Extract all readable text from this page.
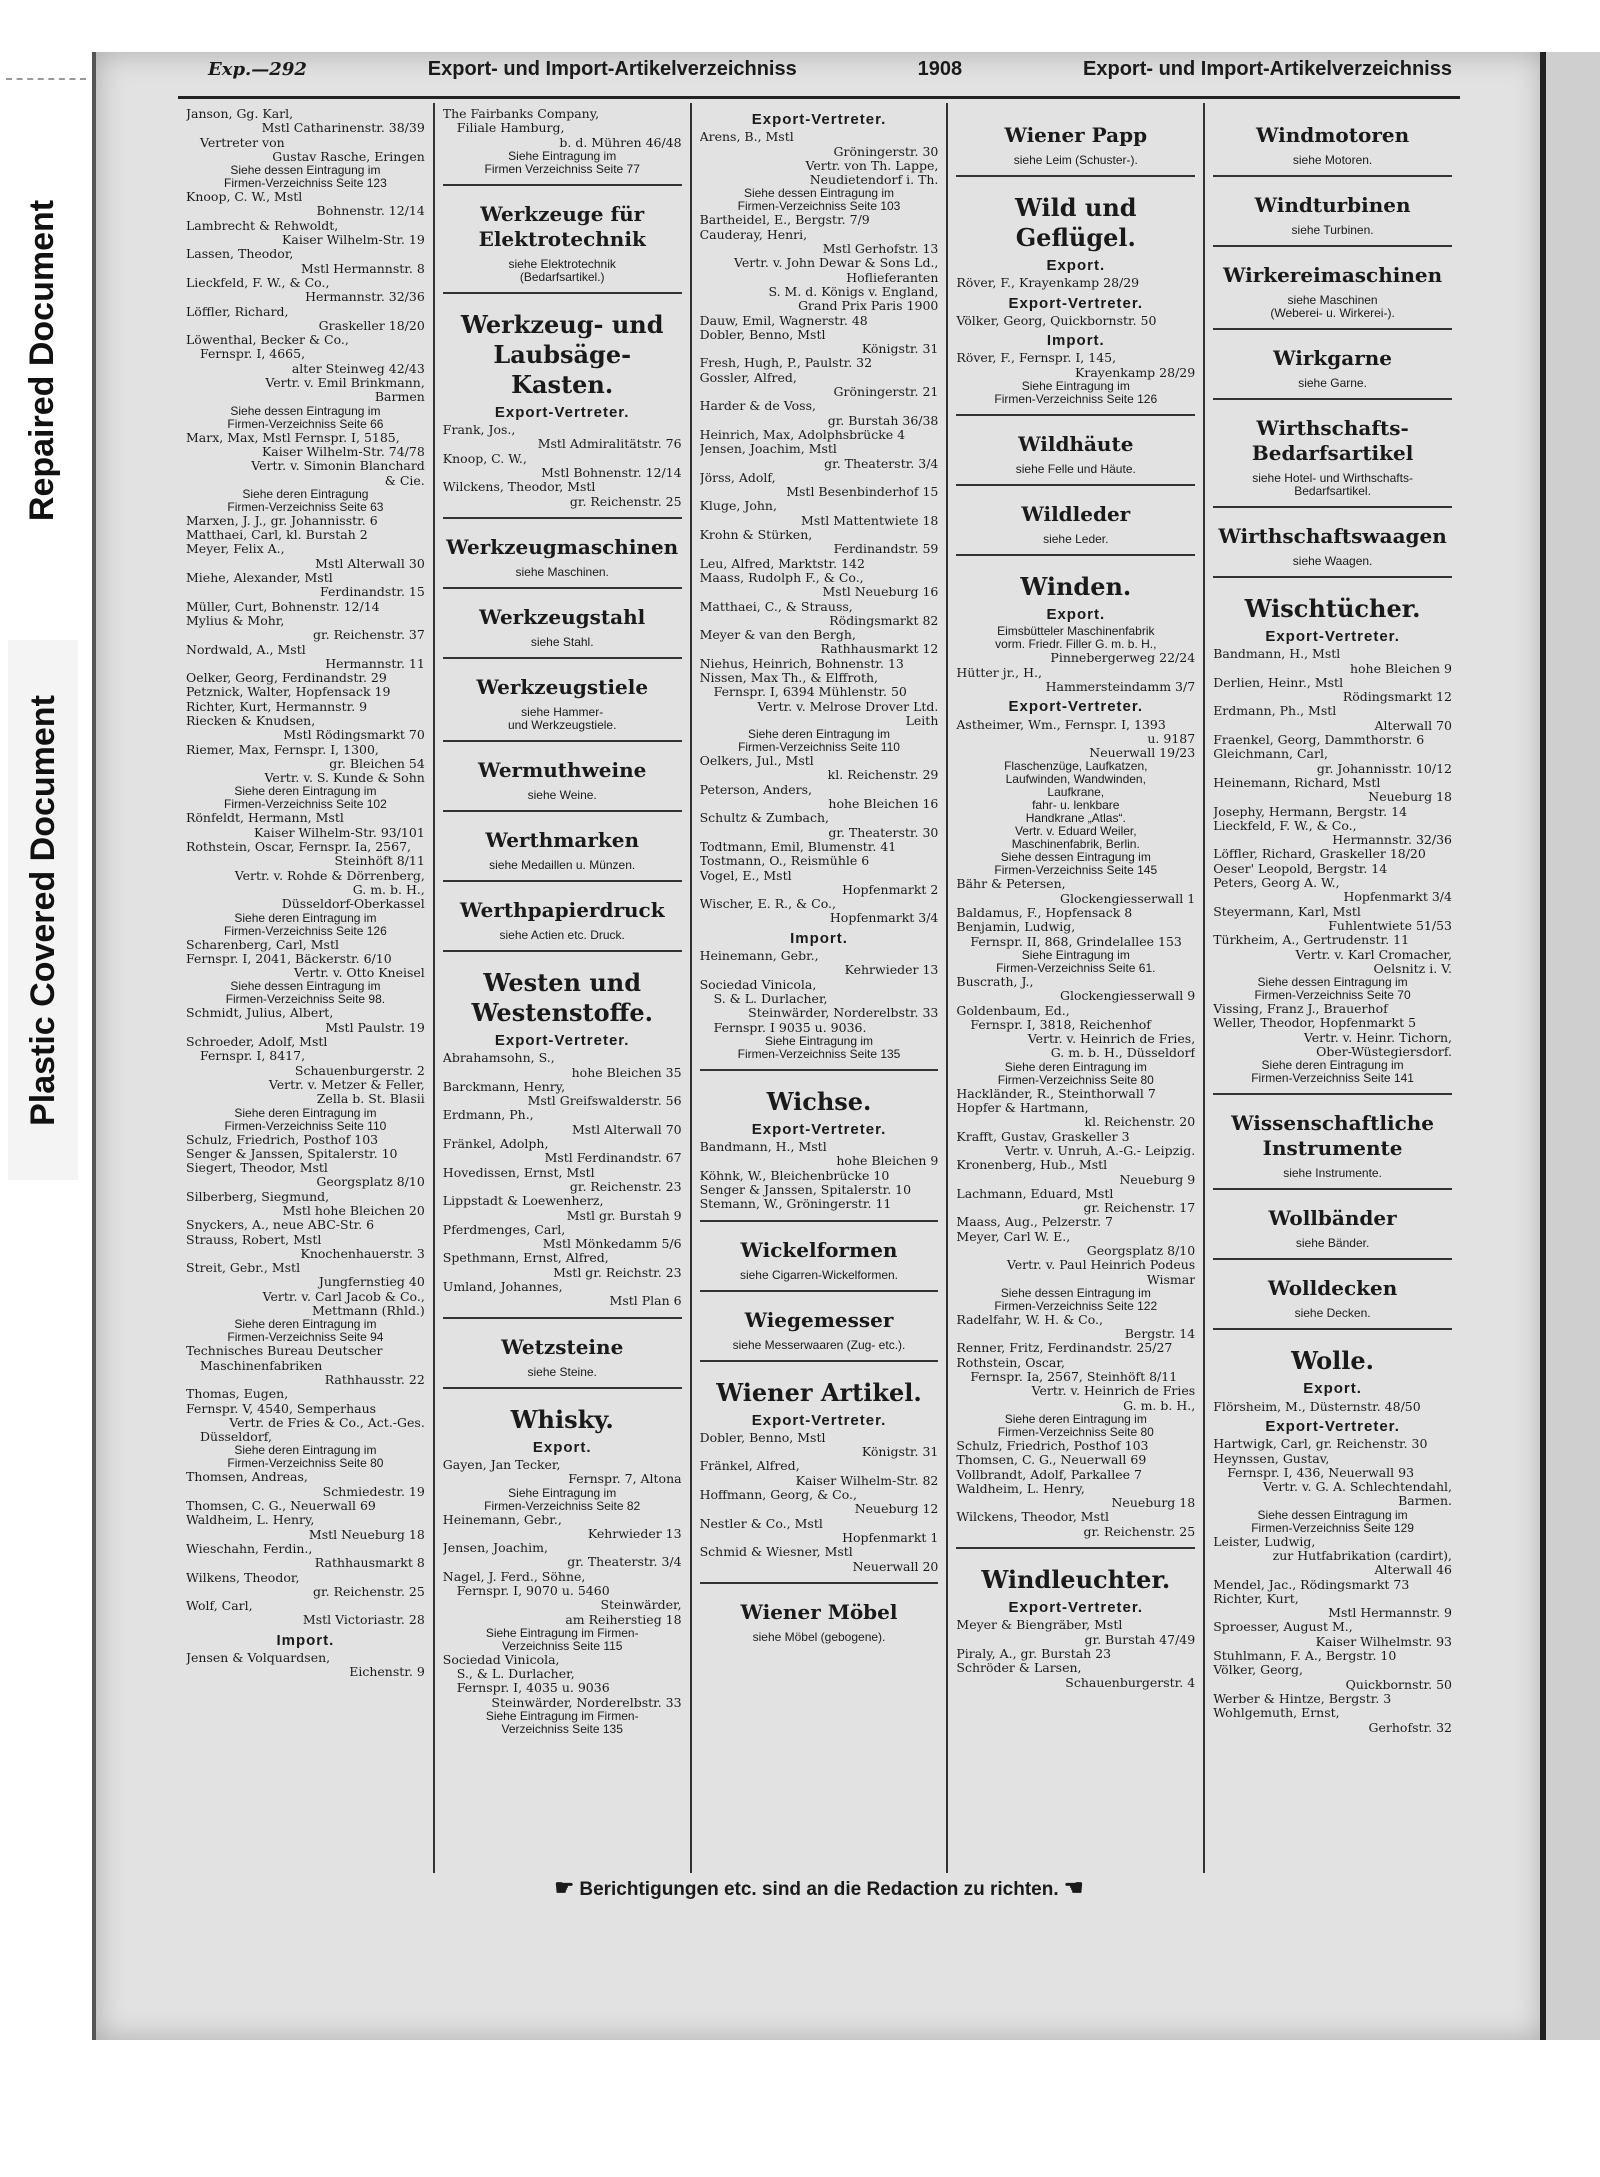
Repaired Document
Plastic Covered Document
Exp.—292	Export- und Import-Artikelverzeichniss	1908	Export- und Import-Artikelverzeichniss
Janson, Gg. Karl,
Mstl Catharinenstr. 38/39
Vertreter von
Gustav Rasche, Eringen
Siehe dessen Eintragung im
Firmen-Verzeichniss Seite 123
Knoop, C. W., Mstl
Bohnenstr. 12/14
Lambrecht & Rehwoldt,
Kaiser Wilhelm-Str. 19
Lassen, Theodor,
Mstl Hermannstr. 8
Lieckfeld, F. W., & Co.,
Hermannstr. 32/36
Löffler, Richard,
Graskeller 18/20
Löwenthal, Becker & Co.,
Fernspr. I, 4665,
alter Steinweg 42/43
Vertr. v. Emil Brinkmann,
Barmen
Siehe dessen Eintragung im
Firmen-Verzeichniss Seite 66
Marx, Max, Mstl Fernspr. I, 5185,
Kaiser Wilhelm-Str. 74/78
Vertr. v. Simonin Blanchard
& Cie.
Siehe deren Eintragung
Firmen-Verzeichniss Seite 63
Marxen, J. J., gr. Johannisstr. 6
Matthaei, Carl, kl. Burstah 2
Meyer, Felix A.,
Mstl Alterwall 30
Miehe, Alexander, Mstl
Ferdinandstr. 15
Müller, Curt, Bohnenstr. 12/14
Mylius & Mohr,
gr. Reichenstr. 37
Nordwald, A., Mstl
Hermannstr. 11
Oelker, Georg, Ferdinandstr. 29
Petznick, Walter, Hopfensack 19
Richter, Kurt, Hermannstr. 9
Riecken & Knudsen,
Mstl Rödingsmarkt 70
Riemer, Max, Fernspr. I, 1300,
gr. Bleichen 54
Vertr. v. S. Kunde & Sohn
Siehe deren Eintragung im
Firmen-Verzeichniss Seite 102
Rönfeldt, Hermann, Mstl
Kaiser Wilhelm-Str. 93/101
Rothstein, Oscar, Fernspr. Ia, 2567,
Steinhöft 8/11
Vertr. v. Rohde & Dörrenberg,
G. m. b. H.,
Düsseldorf-Oberkassel
Siehe deren Eintragung im
Firmen-Verzeichniss Seite 126
Scharenberg, Carl, Mstl
Fernspr. I, 2041, Bäckerstr. 6/10
Vertr. v. Otto Kneisel
Siehe dessen Eintragung im
Firmen-Verzeichniss Seite 98.
Schmidt, Julius, Albert,
Mstl Paulstr. 19
Schroeder, Adolf, Mstl
Fernspr. I, 8417,
Schauenburgerstr. 2
Vertr. v. Metzer & Feller,
Zella b. St. Blasii
Siehe deren Eintragung im
Firmen-Verzeichniss Seite 110
Schulz, Friedrich, Posthof 103
Senger & Janssen, Spitalerstr. 10
Siegert, Theodor, Mstl
Georgsplatz 8/10
Silberberg, Siegmund,
Mstl hohe Bleichen 20
Snyckers, A., neue ABC-Str. 6
Strauss, Robert, Mstl
Knochenhauerstr. 3
Streit, Gebr., Mstl
Jungfernstieg 40
Vertr. v. Carl Jacob & Co.,
Mettmann (Rhld.)
Siehe deren Eintragung im
Firmen-Verzeichniss Seite 94
Technisches Bureau Deutscher
Maschinenfabriken
Rathhausstr. 22
Thomas, Eugen,
Fernspr. V, 4540, Semperhaus
Vertr. de Fries & Co., Act.-Ges.
Düsseldorf,
Siehe deren Eintragung im
Firmen-Verzeichniss Seite 80
Thomsen, Andreas,
Schmiedestr. 19
Thomsen, C. G., Neuerwall 69
Waldheim, L. Henry,
Mstl Neueburg 18
Wieschahn, Ferdin.,
Rathhausmarkt 8
Wilkens, Theodor,
gr. Reichenstr. 25
Wolf, Carl,
Mstl Victoriastr. 28
Import.
Jensen & Volquardsen,
Eichenstr. 9
The Fairbanks Company,
Filiale Hamburg,
b. d. Mühren 46/48
Siehe Eintragung im
Firmen Verzeichniss Seite 77
Werkzeuge für Elektrotechnik
siehe Elektrotechnik
(Bedarfsartikel.)
Werkzeug- und Laubsäge-Kasten.
Export-Vertreter.
Frank, Jos.,
Mstl Admiralitätstr. 76
Knoop, C. W.,
Mstl Bohnenstr. 12/14
Wilckens, Theodor, Mstl
gr. Reichenstr. 25
Werkzeugmaschinen
siehe Maschinen.
Werkzeugstahl
siehe Stahl.
Werkzeugstiele
siehe Hammer-
und Werkzeugstiele.
Wermuthweine
siehe Weine.
Werthmarken
siehe Medaillen u. Münzen.
Werthpapierdruck
siehe Actien etc. Druck.
Westen und Westenstoffe.
Export-Vertreter.
Abrahamsohn, S.,
hohe Bleichen 35
Barckmann, Henry,
Mstl Greifswalderstr. 56
Erdmann, Ph.,
Mstl Alterwall 70
Fränkel, Adolph,
Mstl Ferdinandstr. 67
Hovedissen, Ernst, Mstl
gr. Reichenstr. 23
Lippstadt & Loewenherz,
Mstl gr. Burstah 9
Pferdmenges, Carl,
Mstl Mönkedamm 5/6
Spethmann, Ernst, Alfred,
Mstl gr. Reichstr. 23
Umland, Johannes,
Mstl Plan 6
Wetzsteine
siehe Steine.
Whisky.
Export.
Gayen, Jan Tecker,
Fernspr. 7, Altona
Siehe Eintragung im
Firmen-Verzeichniss Seite 82
Heinemann, Gebr.,
Kehrwieder 13
Jensen, Joachim,
gr. Theaterstr. 3/4
Nagel, J. Ferd., Söhne,
Fernspr. I, 9070 u. 5460
Steinwärder,
am Reiherstieg 18
Siehe Eintragung im Firmen-
Verzeichniss Seite 115
Sociedad Vinicola,
S., & L. Durlacher,
Fernspr. I, 4035 u. 9036
Steinwärder, Norderelbstr. 33
Siehe Eintragung im Firmen-
Verzeichniss Seite 135
Export-Vertreter.
Arens, B., Mstl
Gröningerstr. 30
Vertr. von Th. Lappe,
Neudietendorf i. Th.
Siehe dessen Eintragung im
Firmen-Verzeichniss Seite 103
Bartheidel, E., Bergstr. 7/9
Cauderay, Henri,
Mstl Gerhofstr. 13
Vertr. v. John Dewar & Sons Ld.,
Hoflieferanten
S. M. d. Königs v. England,
Grand Prix Paris 1900
Dauw, Emil, Wagnerstr. 48
Dobler, Benno, Mstl
Königstr. 31
Fresh, Hugh, P., Paulstr. 32
Gossler, Alfred,
Gröningerstr. 21
Harder & de Voss,
gr. Burstah 36/38
Heinrich, Max, Adolphsbrücke 4
Jensen, Joachim, Mstl
gr. Theaterstr. 3/4
Jörss, Adolf,
Mstl Besenbinderhof 15
Kluge, John,
Mstl Mattentwiete 18
Krohn & Stürken,
Ferdinandstr. 59
Leu, Alfred, Marktstr. 142
Maass, Rudolph F., & Co.,
Mstl Neueburg 16
Matthaei, C., & Strauss,
Rödingsmarkt 82
Meyer & van den Bergh,
Rathhausmarkt 12
Niehus, Heinrich, Bohnenstr. 13
Nissen, Max Th., & Elffroth,
Fernspr. I, 6394 Mühlenstr. 50
Vertr. v. Melrose Drover Ltd.
Leith
Siehe deren Eintragung im
Firmen-Verzeichniss Seite 110
Oelkers, Jul., Mstl
kl. Reichenstr. 29
Peterson, Anders,
hohe Bleichen 16
Schultz & Zumbach,
gr. Theaterstr. 30
Todtmann, Emil, Blumenstr. 41
Tostmann, O., Reismühle 6
Vogel, E., Mstl
Hopfenmarkt 2
Wischer, E. R., & Co.,
Hopfenmarkt 3/4
Import.
Heinemann, Gebr.,
Kehrwieder 13
Sociedad Vinicola,
S. & L. Durlacher,
Steinwärder, Norderelbstr. 33
Fernspr. I 9035 u. 9036.
Siehe Eintragung im
Firmen-Verzeichniss Seite 135
Wichse.
Export-Vertreter.
Bandmann, H., Mstl
hohe Bleichen 9
Köhnk, W., Bleichenbrücke 10
Senger & Janssen, Spitalerstr. 10
Stemann, W., Gröningerstr. 11
Wickelformen
siehe Cigarren-Wickelformen.
Wiegemesser
siehe Messerwaaren (Zug- etc.).
Wiener Artikel.
Export-Vertreter.
Dobler, Benno, Mstl
Königstr. 31
Fränkel, Alfred,
Kaiser Wilhelm-Str. 82
Hoffmann, Georg, & Co.,
Neueburg 12
Nestler & Co., Mstl
Hopfenmarkt 1
Schmid & Wiesner, Mstl
Neuerwall 20
Wiener Möbel
siehe Möbel (gebogene).
Wiener Papp
siehe Leim (Schuster-).
Wild und Geflügel.
Export.
Röver, F., Krayenkamp 28/29
Export-Vertreter.
Völker, Georg, Quickbornstr. 50
Import.
Röver, F., Fernspr. I, 145,
Krayenkamp 28/29
Siehe Eintragung im
Firmen-Verzeichniss Seite 126
Wildhäute
siehe Felle und Häute.
Wildleder
siehe Leder.
Winden.
Export.
Eimsbütteler Maschinenfabrik
vorm. Friedr. Filler G. m. b. H.,
Pinnebergerweg 22/24
Hütter jr., H.,
Hammersteindamm 3/7
Export-Vertreter.
Astheimer, Wm., Fernspr. I, 1393
u. 9187
Neuerwall 19/23
Flaschenzüge, Laufkatzen,
Laufwinden, Wandwinden,
Laufkrane,
fahr- u. lenkbare
Handkrane „Atlas“.
Vertr. v. Eduard Weiler,
Maschinenfabrik, Berlin.
Siehe dessen Eintragung im
Firmen-Verzeichniss Seite 145
Bähr & Petersen,
Glockengiesserwall 1
Baldamus, F., Hopfensack 8
Benjamin, Ludwig,
Fernspr. II, 868, Grindelallee 153
Siehe Eintragung im
Firmen-Verzeichniss Seite 61.
Buscrath, J.,
Glockengiesserwall 9
Goldenbaum, Ed.,
Fernspr. I, 3818, Reichenhof
Vertr. v. Heinrich de Fries,
G. m. b. H., Düsseldorf
Siehe deren Eintragung im
Firmen-Verzeichniss Seite 80
Hackländer, R., Steinthorwall 7
Hopfer & Hartmann,
kl. Reichenstr. 20
Krafft, Gustav, Graskeller 3
Vertr. v. Unruh, A.-G.- Leipzig.
Kronenberg, Hub., Mstl
Neueburg 9
Lachmann, Eduard, Mstl
gr. Reichenstr. 17
Maass, Aug., Pelzerstr. 7
Meyer, Carl W. E.,
Georgsplatz 8/10
Vertr. v. Paul Heinrich Podeus
Wismar
Siehe dessen Eintragung im
Firmen-Verzeichniss Seite 122
Radelfahr, W. H. & Co.,
Bergstr. 14
Renner, Fritz, Ferdinandstr. 25/27
Rothstein, Oscar,
Fernspr. Ia, 2567, Steinhöft 8/11
Vertr. v. Heinrich de Fries
G. m. b. H.,
Siehe deren Eintragung im
Firmen-Verzeichniss Seite 80
Schulz, Friedrich, Posthof 103
Thomsen, C. G., Neuerwall 69
Vollbrandt, Adolf, Parkallee 7
Waldheim, L. Henry,
Neueburg 18
Wilckens, Theodor, Mstl
gr. Reichenstr. 25
Windleuchter.
Export-Vertreter.
Meyer & Biengräber, Mstl
gr. Burstah 47/49
Piraly, A., gr. Burstah 23
Schröder & Larsen,
Schauenburgerstr. 4
Windmotoren
siehe Motoren.
Windturbinen
siehe Turbinen.
Wirkereimaschinen
siehe Maschinen
(Weberei- u. Wirkerei-).
Wirkgarne
siehe Garne.
Wirthschafts-Bedarfsartikel
siehe Hotel- und Wirthschafts-
Bedarfsartikel.
Wirthschaftswaagen
siehe Waagen.
Wischtücher.
Export-Vertreter.
Bandmann, H., Mstl
hohe Bleichen 9
Derlien, Heinr., Mstl
Rödingsmarkt 12
Erdmann, Ph., Mstl
Alterwall 70
Fraenkel, Georg, Dammthorstr. 6
Gleichmann, Carl,
gr. Johannisstr. 10/12
Heinemann, Richard, Mstl
Neueburg 18
Josephy, Hermann, Bergstr. 14
Lieckfeld, F. W., & Co.,
Hermannstr. 32/36
Löffler, Richard, Graskeller 18/20
Oeser' Leopold, Bergstr. 14
Peters, Georg A. W.,
Hopfenmarkt 3/4
Steyermann, Karl, Mstl
Fuhlentwiete 51/53
Türkheim, A., Gertrudenstr. 11
Vertr. v. Karl Cromacher,
Oelsnitz i. V.
Siehe dessen Eintragung im
Firmen-Verzeichniss Seite 70
Vissing, Franz J., Brauerhof
Weller, Theodor, Hopfenmarkt 5
Vertr. v. Heinr. Tichorn,
Ober-Wüstegiersdorf.
Siehe deren Eintragung im
Firmen-Verzeichniss Seite 141
Wissenschaftliche Instrumente
siehe Instrumente.
Wollbänder
siehe Bänder.
Wolldecken
siehe Decken.
Wolle.
Export.
Flörsheim, M., Düsternstr. 48/50
Export-Vertreter.
Hartwigk, Carl, gr. Reichenstr. 30
Heynssen, Gustav,
Fernspr. I, 436, Neuerwall 93
Vertr. v. G. A. Schlechtendahl,
Barmen.
Siehe dessen Eintragung im
Firmen-Verzeichniss Seite 129
Leister, Ludwig,
zur Hutfabrikation (cardirt),
Alterwall 46
Mendel, Jac., Rödingsmarkt 73
Richter, Kurt,
Mstl Hermannstr. 9
Sproesser, August M.,
Kaiser Wilhelmstr. 93
Stuhlmann, F. A., Bergstr. 10
Völker, Georg,
Quickbornstr. 50
Werber & Hintze, Bergstr. 3
Wohlgemuth, Ernst,
Gerhofstr. 32
☛ Berichtigungen etc. sind an die Redaction zu richten. ☚
